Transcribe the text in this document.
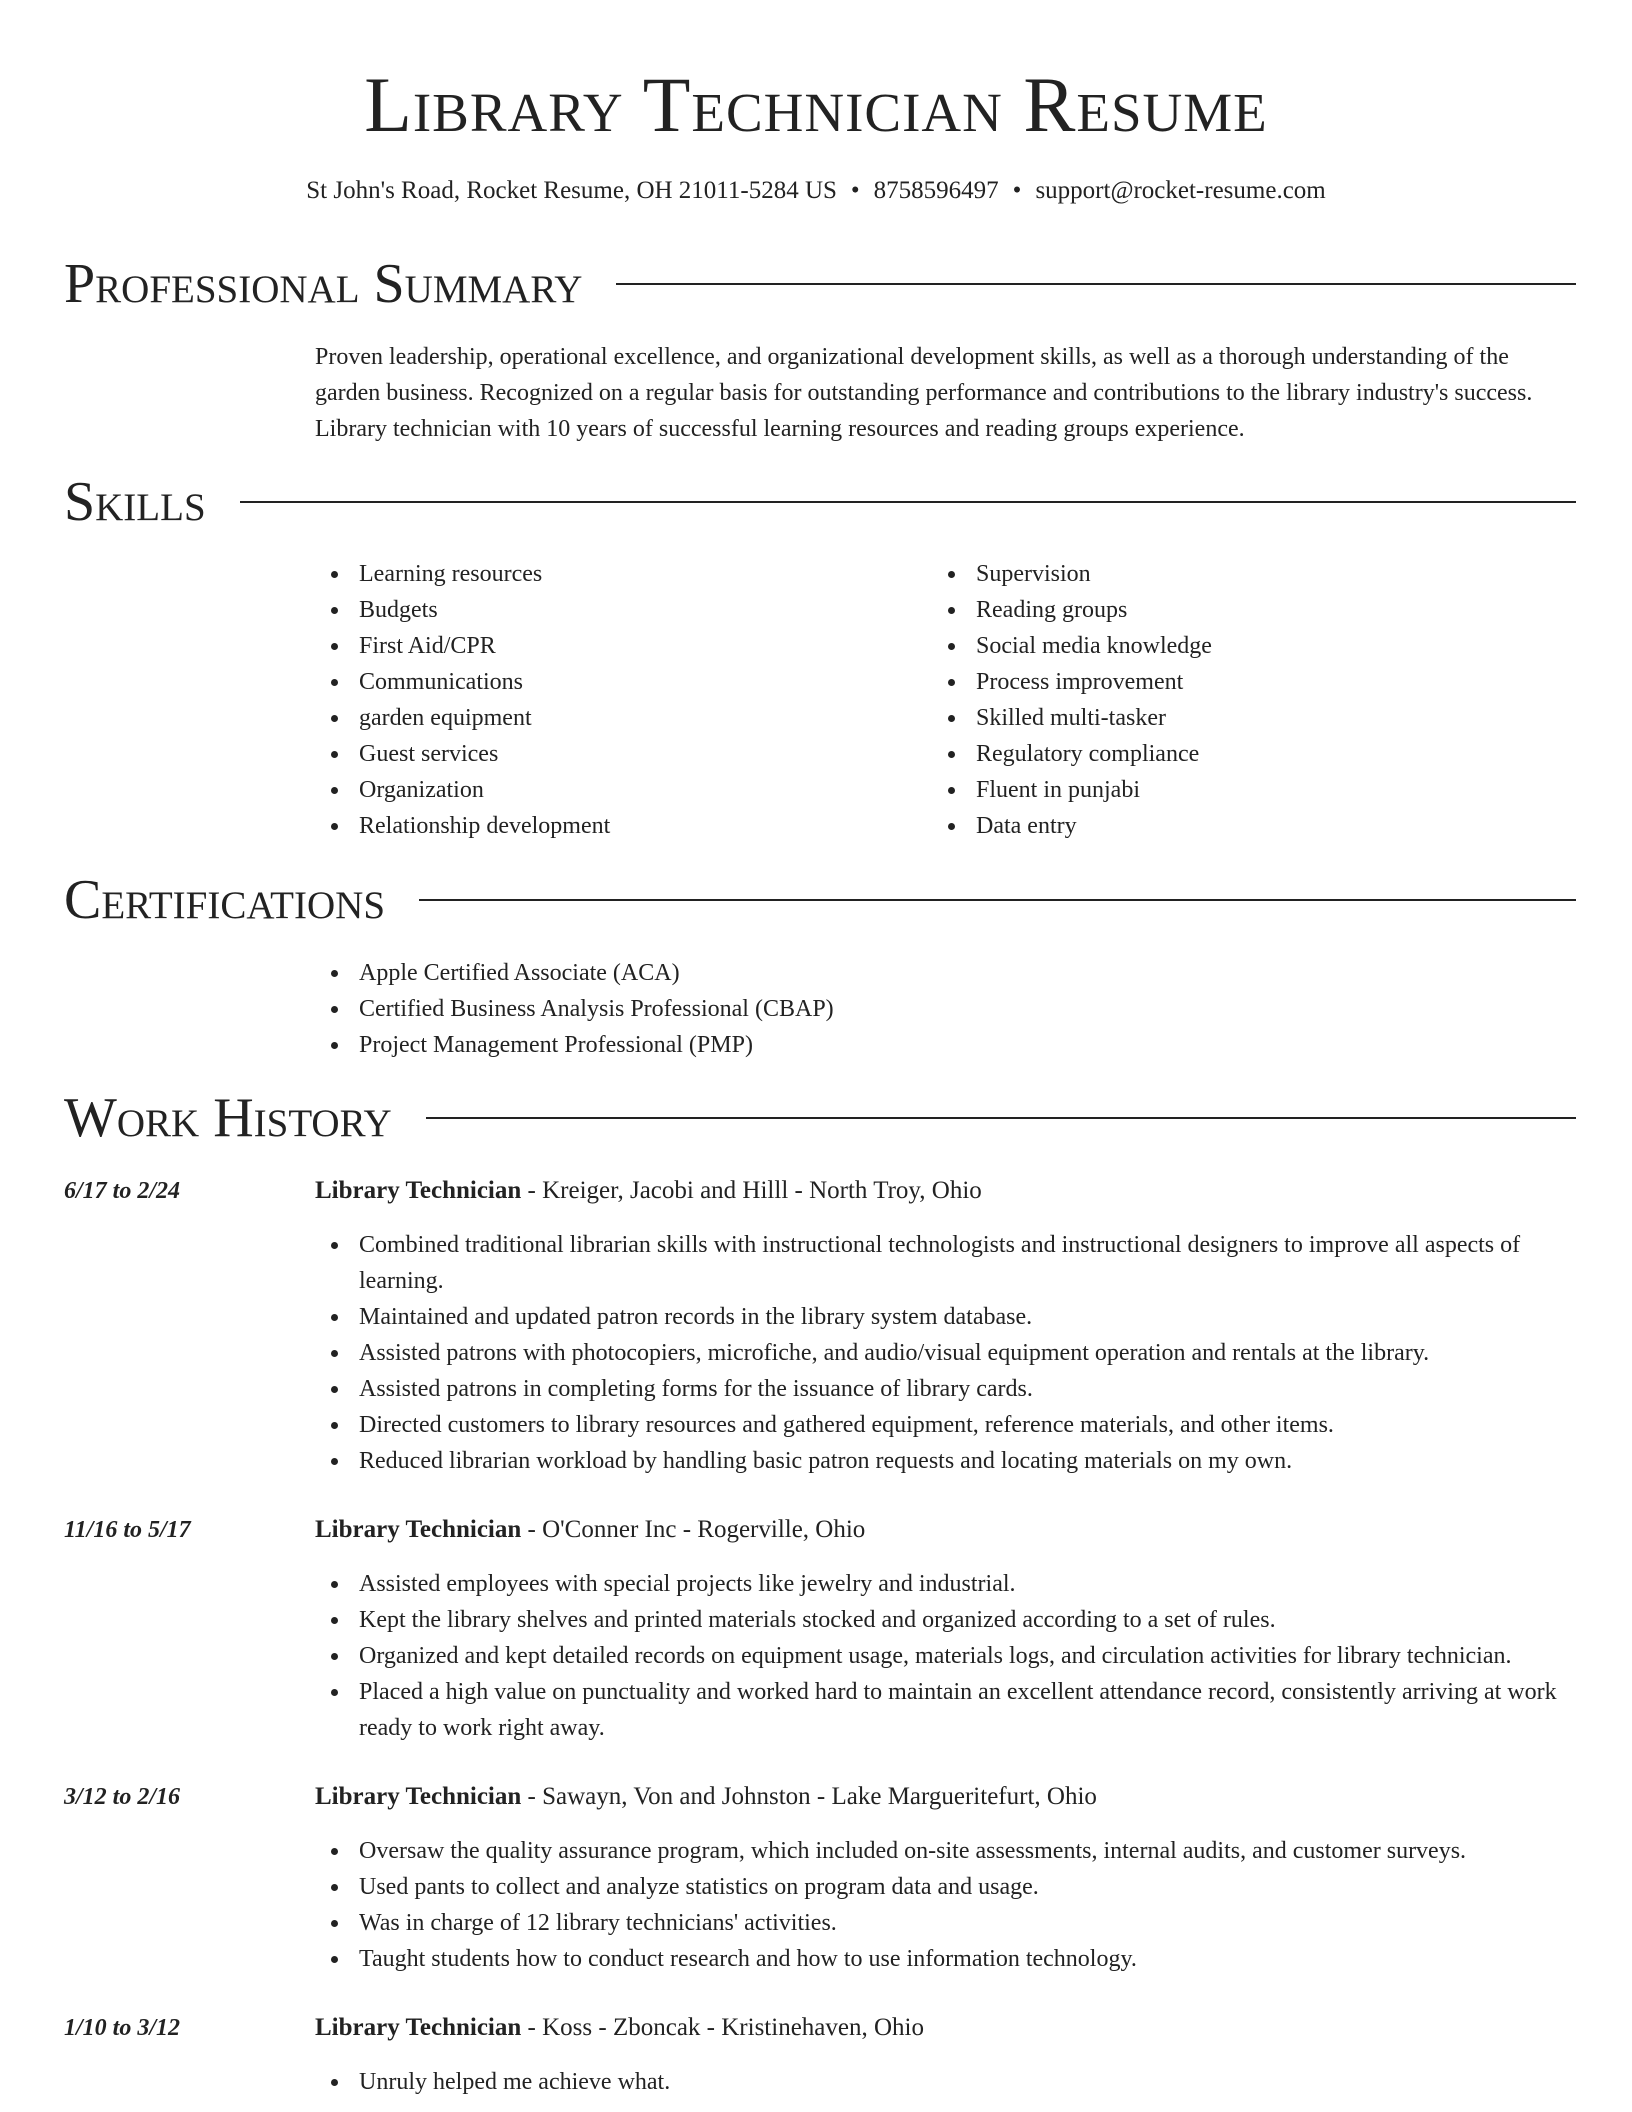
Library Technician Resume
St John's Road, Rocket Resume, OH 21011-5284 US • 8758596497 • support@rocket-resume.com
Professional Summary
Proven leadership, operational excellence, and organizational development skills, as well as a thorough understanding of the garden business. Recognized on a regular basis for outstanding performance and contributions to the library industry's success. Library technician with 10 years of successful learning resources and reading groups experience.
Skills
Learning resources
Budgets
First Aid/CPR
Communications
garden equipment
Guest services
Organization
Relationship development
Supervision
Reading groups
Social media knowledge
Process improvement
Skilled multi-tasker
Regulatory compliance
Fluent in punjabi
Data entry
Certifications
Apple Certified Associate (ACA)
Certified Business Analysis Professional (CBAP)
Project Management Professional (PMP)
Work History
6/17 to 2/24	Library Technician - Kreiger, Jacobi and Hilll - North Troy, Ohio
Combined traditional librarian skills with instructional technologists and instructional designers to improve all aspects of learning.
Maintained and updated patron records in the library system database.
Assisted patrons with photocopiers, microfiche, and audio/visual equipment operation and rentals at the library.
Assisted patrons in completing forms for the issuance of library cards.
Directed customers to library resources and gathered equipment, reference materials, and other items.
Reduced librarian workload by handling basic patron requests and locating materials on my own.
11/16 to 5/17	Library Technician - O'Conner Inc - Rogerville, Ohio
Assisted employees with special projects like jewelry and industrial.
Kept the library shelves and printed materials stocked and organized according to a set of rules.
Organized and kept detailed records on equipment usage, materials logs, and circulation activities for library technician.
Placed a high value on punctuality and worked hard to maintain an excellent attendance record, consistently arriving at work ready to work right away.
3/12 to 2/16	Library Technician - Sawayn, Von and Johnston - Lake Margueritefurt, Ohio
Oversaw the quality assurance program, which included on-site assessments, internal audits, and customer surveys.
Used pants to collect and analyze statistics on program data and usage.
Was in charge of 12 library technicians' activities.
Taught students how to conduct research and how to use information technology.
1/10 to 3/12	Library Technician - Koss - Zboncak - Kristinehaven, Ohio
Unruly helped me achieve what.
